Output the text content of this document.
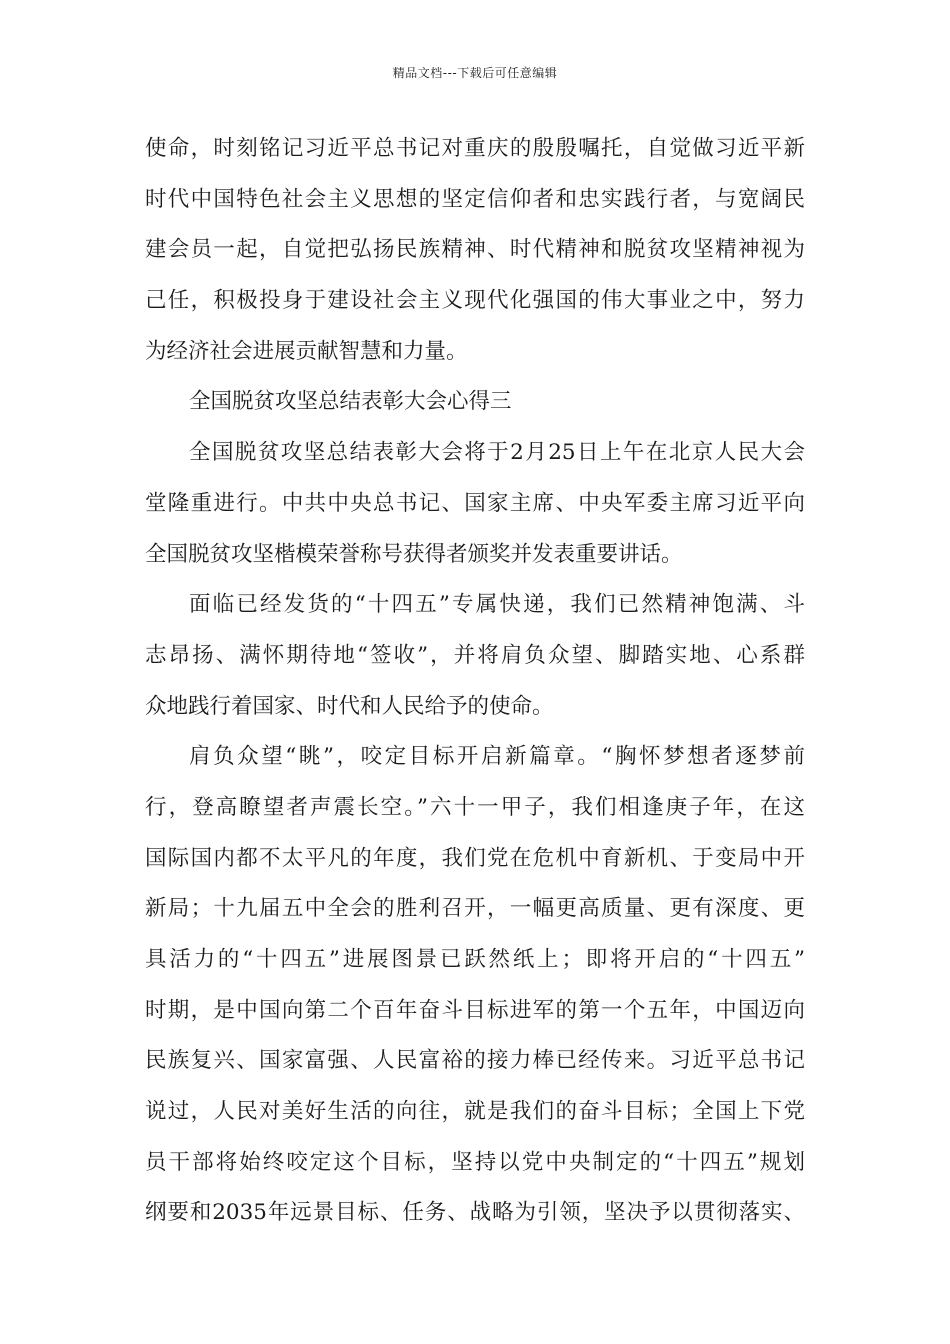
精品文档---下载后可任意编辑
使命，时刻铭记习近平总书记对重庆的殷殷嘱托，自觉做习近平新
时代中国特色社会主义思想的坚定信仰者和忠实践行者，与宽阔民
建会员一起，自觉把弘扬民族精神、时代精神和脱贫攻坚精神视为
己任，积极投身于建设社会主义现代化强国的伟大事业之中，努力
为经济社会进展贡献智慧和力量。
全国脱贫攻坚总结表彰大会心得三
全国脱贫攻坚总结表彰大会将于2月25日上午在北京人民大会
堂隆重进行。中共中央总书记、国家主席、中央军委主席习近平向
全国脱贫攻坚楷模荣誉称号获得者颁奖并发表重要讲话。
面临已经发货的“十四五”专属快递，我们已然精神饱满、斗
志昂扬、满怀期待地“签收”，并将肩负众望、脚踏实地、心系群
众地践行着国家、时代和人民给予的使命。
肩负众望“眺”，咬定目标开启新篇章。“胸怀梦想者逐梦前
行，登高瞭望者声震长空。”六十一甲子，我们相逢庚子年，在这
国际国内都不太平凡的年度，我们党在危机中育新机、于变局中开
新局；十九届五中全会的胜利召开，一幅更高质量、更有深度、更
具活力的“十四五”进展图景已跃然纸上；即将开启的“十四五”
时期，是中国向第二个百年奋斗目标进军的第一个五年，中国迈向
民族复兴、国家富强、人民富裕的接力棒已经传来。习近平总书记
说过，人民对美好生活的向往，就是我们的奋斗目标；全国上下党
员干部将始终咬定这个目标，坚持以党中央制定的“十四五”规划
纲要和2035年远景目标、任务、战略为引领，坚决予以贯彻落实、
